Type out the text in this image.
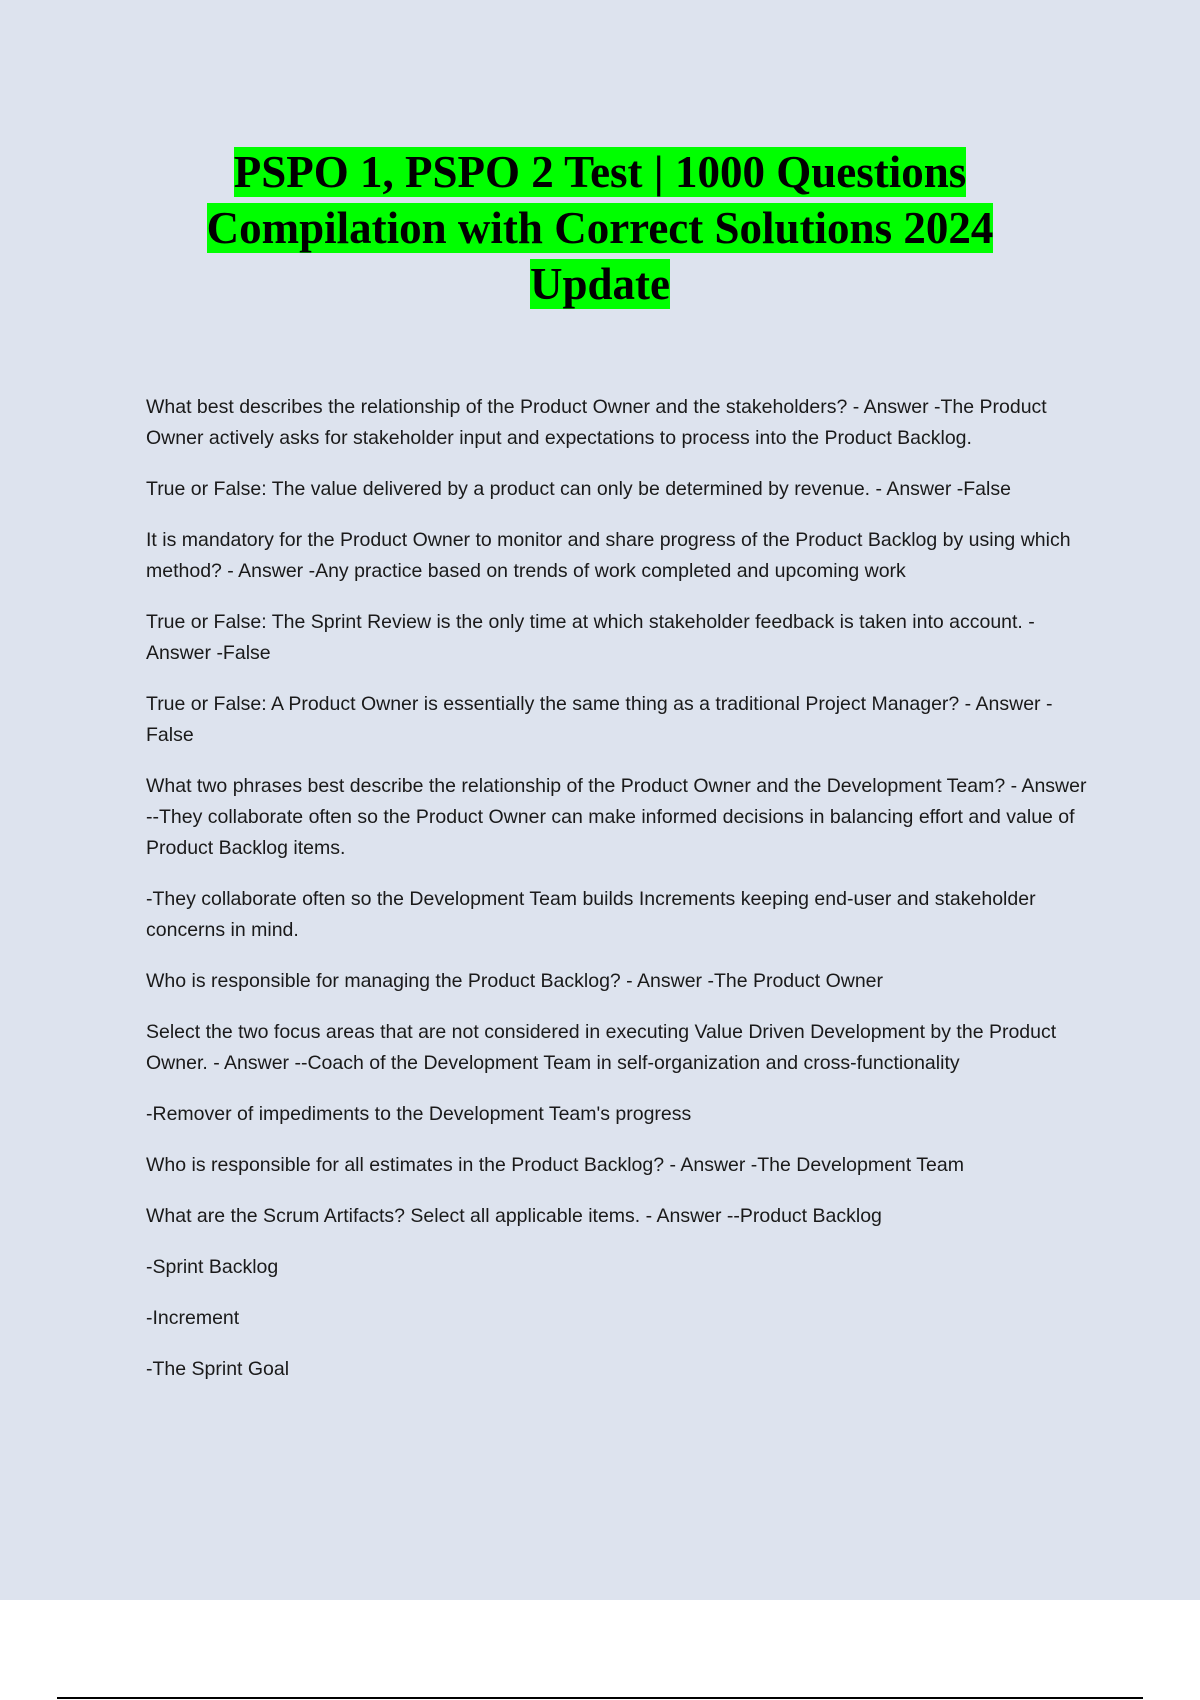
PSPO 1, PSPO 2 Test | 1000 Questions
Compilation with Correct Solutions 2024
Update

What best describes the relationship of the Product Owner and the stakeholders? - Answer -The Product Owner actively asks for stakeholder input and expectations to process into the Product Backlog.

True or False: The value delivered by a product can only be determined by revenue. - Answer -False

It is mandatory for the Product Owner to monitor and share progress of the Product Backlog by using which method? - Answer -Any practice based on trends of work completed and upcoming work

True or False: The Sprint Review is the only time at which stakeholder feedback is taken into account. - Answer -False

True or False: A Product Owner is essentially the same thing as a traditional Project Manager? - Answer - False

What two phrases best describe the relationship of the Product Owner and the Development Team? - Answer --They collaborate often so the Product Owner can make informed decisions in balancing effort and value of Product Backlog items.

-They collaborate often so the Development Team builds Increments keeping end-user and stakeholder concerns in mind.

Who is responsible for managing the Product Backlog? - Answer -The Product Owner

Select the two focus areas that are not considered in executing Value Driven Development by the Product Owner. - Answer --Coach of the Development Team in self-organization and cross-functionality

-Remover of impediments to the Development Team's progress

Who is responsible for all estimates in the Product Backlog? - Answer -The Development Team

What are the Scrum Artifacts? Select all applicable items. - Answer --Product Backlog

-Sprint Backlog

-Increment

-The Sprint Goal
